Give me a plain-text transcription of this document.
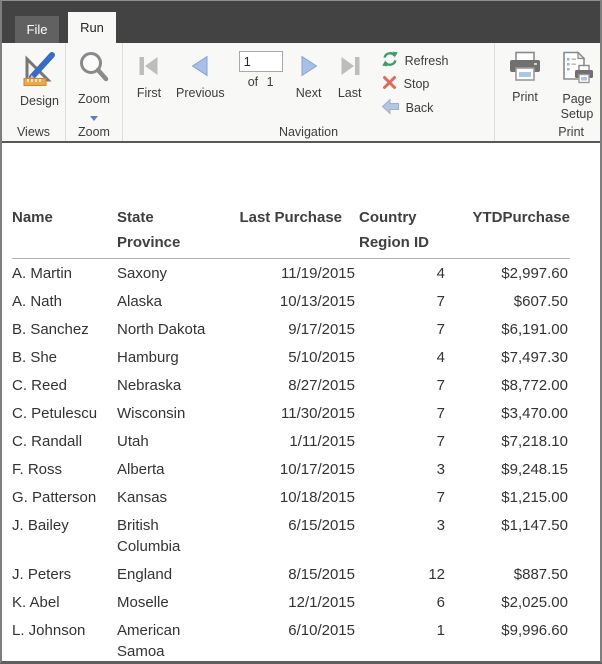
File	Run
Design
Views
Zoom
Zoom
First Previous
1
of 1
Next Last
Refresh
Stop
Back
Navigation
Print	Page Setup
Print
Name	State Province	Last Purchase	Country Region ID	YTDPurchase
A. Martin	Saxony	11/19/2015	4	$2,997.60
A. Nath	Alaska	10/13/2015	7	$607.50
B. Sanchez	North Dakota	9/17/2015	7	$6,191.00
B. She	Hamburg	5/10/2015	4	$7,497.30
C. Reed	Nebraska	8/27/2015	7	$8,772.00
C. Petulescu	Wisconsin	11/30/2015	7	$3,470.00
C. Randall	Utah	1/11/2015	7	$7,218.10
F. Ross	Alberta	10/17/2015	3	$9,248.15
G. Patterson	Kansas	10/18/2015	7	$1,215.00
J. Bailey	British Columbia	6/15/2015	3	$1,147.50
J. Peters	England	8/15/2015	12	$887.50
K. Abel	Moselle	12/1/2015	6	$2,025.00
L. Johnson	American Samoa	6/10/2015	1	$9,996.60
